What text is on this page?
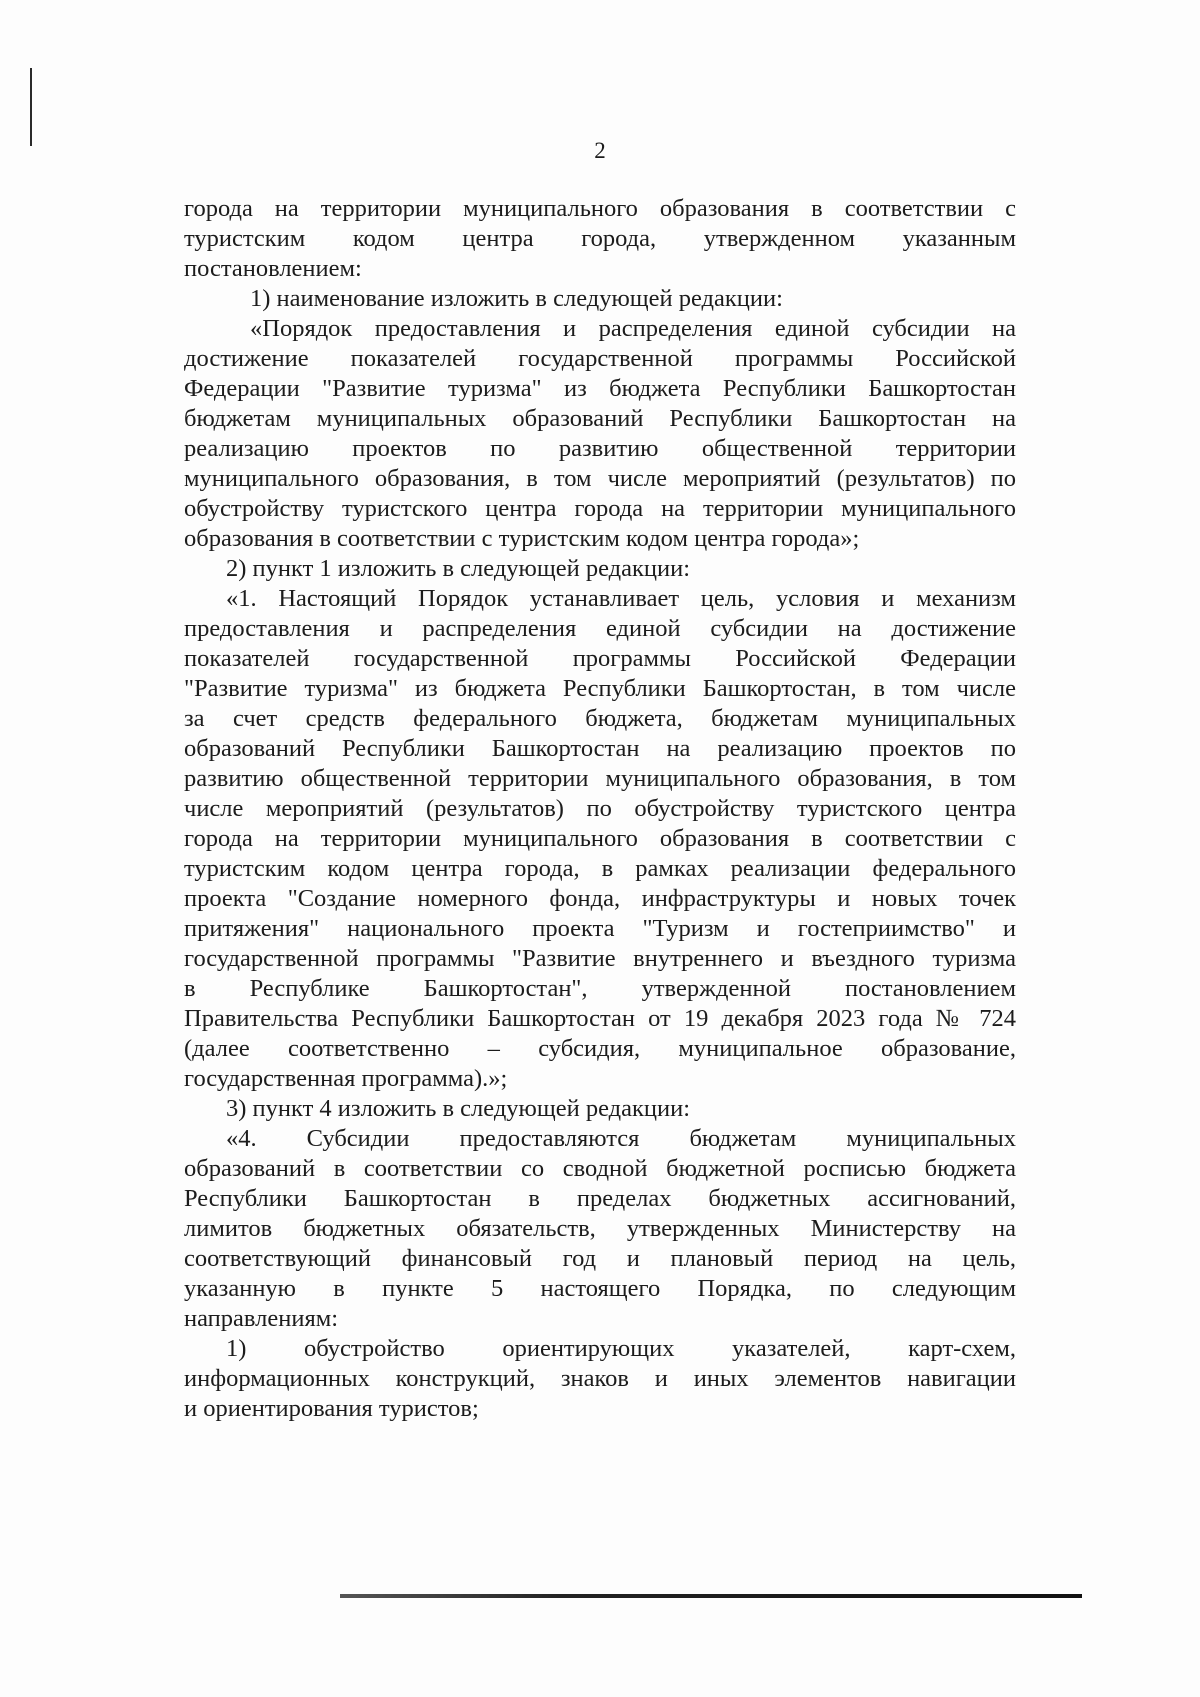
2
города на территории муниципального образования в соответствии с
туристским кодом центра города, утвержденном указанным
постановлением:
1) наименование изложить в следующей редакции:
«Порядок предоставления и распределения единой субсидии на
достижение показателей государственной программы Российской
Федерации "Развитие туризма" из бюджета Республики Башкортостан
бюджетам муниципальных образований Республики Башкортостан на
реализацию проектов по развитию общественной территории
муниципального образования, в том числе мероприятий (результатов) по
обустройству туристского центра города на территории муниципального
образования в соответствии с туристским кодом центра города»;
2) пункт 1 изложить в следующей редакции:
«1. Настоящий Порядок устанавливает цель, условия и механизм
предоставления и распределения единой субсидии на достижение
показателей государственной программы Российской Федерации
"Развитие туризма" из бюджета Республики Башкортостан, в том числе
за счет средств федерального бюджета, бюджетам муниципальных
образований Республики Башкортостан на реализацию проектов по
развитию общественной территории муниципального образования, в том
числе мероприятий (результатов) по обустройству туристского центра
города на территории муниципального образования в соответствии с
туристским кодом центра города, в рамках реализации федерального
проекта "Создание номерного фонда, инфраструктуры и новых точек
притяжения" национального проекта "Туризм и гостеприимство" и
государственной программы "Развитие внутреннего и въездного туризма
в Республике Башкортостан", утвержденной постановлением
Правительства Республики Башкортостан от 19 декабря 2023 года № 724
(далее соответственно – субсидия, муниципальное образование,
государственная программа).»;
3) пункт 4 изложить в следующей редакции:
«4. Субсидии предоставляются бюджетам муниципальных
образований в соответствии со сводной бюджетной росписью бюджета
Республики Башкортостан в пределах бюджетных ассигнований,
лимитов бюджетных обязательств, утвержденных Министерству на
соответствующий финансовый год и плановый период на цель,
указанную в пункте 5 настоящего Порядка, по следующим
направлениям:
1) обустройство ориентирующих указателей, карт-схем,
информационных конструкций, знаков и иных элементов навигации
и ориентирования туристов;
